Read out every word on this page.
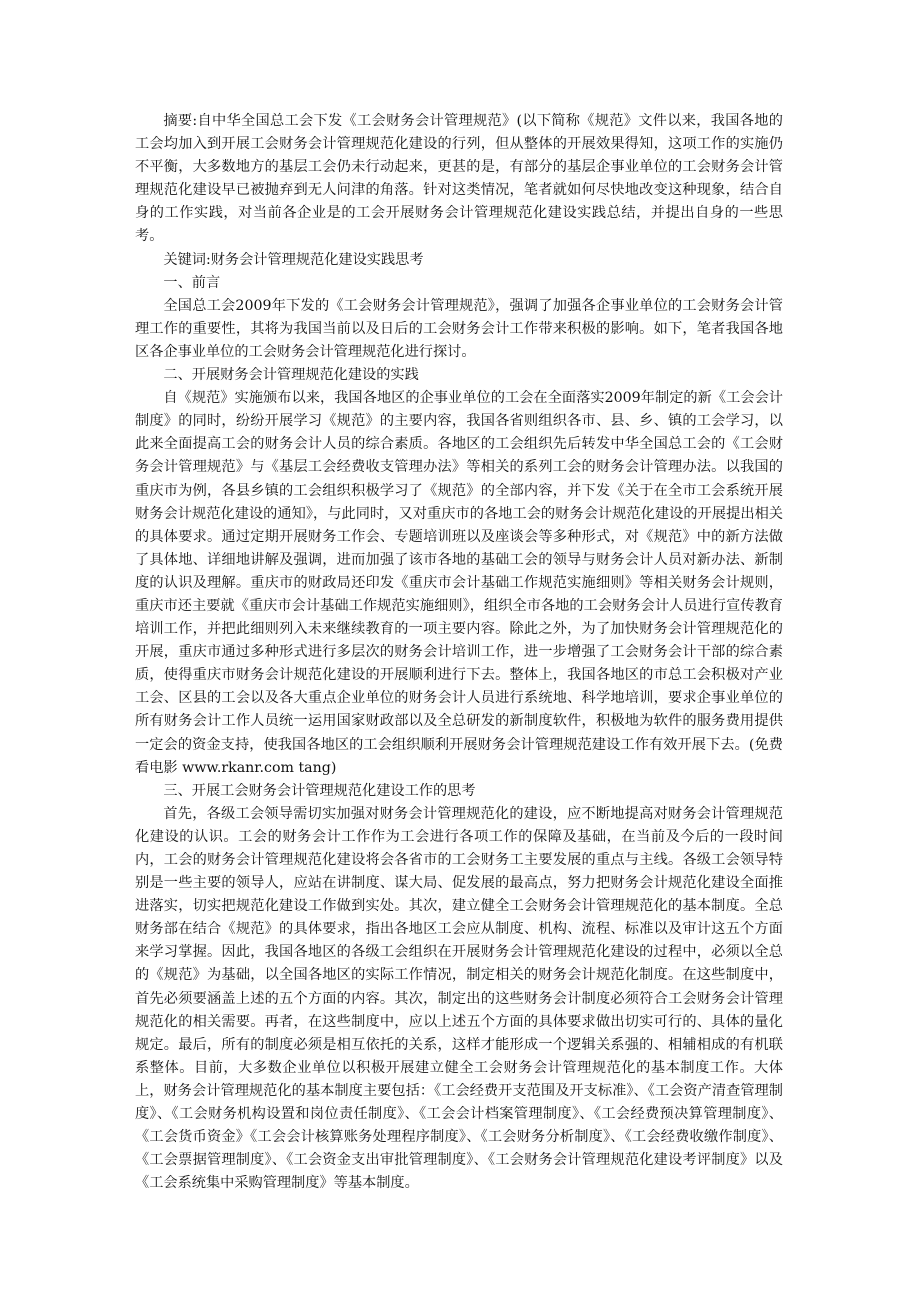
摘要:自中华全国总工会下发《工会财务会计管理规范》(以下简称《规范》文件以来，我国各地的工会均加入到开展工会财务会计管理规范化建设的行列，但从整体的开展效果得知，这项工作的实施仍不平衡，大多数地方的基层工会仍未行动起来，更甚的是，有部分的基层企事业单位的工会财务会计管理规范化建设早已被抛弃到无人问津的角落。针对这类情况，笔者就如何尽快地改变这种现象，结合自身的工作实践，对当前各企业是的工会开展财务会计管理规范化建设实践总结，并提出自身的一些思考。

关键词:财务会计管理规范化建设实践思考

一、前言

全国总工会2009年下发的《工会财务会计管理规范》，强调了加强各企事业单位的工会财务会计管理工作的重要性，其将为我国当前以及日后的工会财务会计工作带来积极的影响。如下，笔者我国各地区各企事业单位的工会财务会计管理规范化进行探讨。

二、开展财务会计管理规范化建设的实践

自《规范》实施颁布以来，我国各地区的企事业单位的工会在全面落实2009年制定的新《工会会计制度》的同时，纷纷开展学习《规范》的主要内容，我国各省则组织各市、县、乡、镇的工会学习，以此来全面提高工会的财务会计人员的综合素质。各地区的工会组织先后转发中华全国总工会的《工会财务会计管理规范》与《基层工会经费收支管理办法》等相关的系列工会的财务会计管理办法。以我国的重庆市为例，各县乡镇的工会组织积极学习了《规范》的全部内容，并下发《关于在全市工会系统开展财务会计规范化建设的通知》，与此同时，又对重庆市的各地工会的财务会计规范化建设的开展提出相关的具体要求。通过定期开展财务工作会、专题培训班以及座谈会等多种形式，对《规范》中的新方法做了具体地、详细地讲解及强调，进而加强了该市各地的基础工会的领导与财务会计人员对新办法、新制度的认识及理解。重庆市的财政局还印发《重庆市会计基础工作规范实施细则》等相关财务会计规则，重庆市还主要就《重庆市会计基础工作规范实施细则》，组织全市各地的工会财务会计人员进行宣传教育培训工作，并把此细则列入未来继续教育的一项主要内容。除此之外，为了加快财务会计管理规范化的开展，重庆市通过多种形式进行多层次的财务会计培训工作，进一步增强了工会财务会计干部的综合素质，使得重庆市财务会计规范化建设的开展顺利进行下去。整体上，我国各地区的市总工会积极对产业工会、区县的工会以及各大重点企业单位的财务会计人员进行系统地、科学地培训，要求企事业单位的所有财务会计工作人员统一运用国家财政部以及全总研发的新制度软件，积极地为软件的服务费用提供一定会的资金支持，使我国各地区的工会组织顺利开展财务会计管理规范建设工作有效开展下去。(免费看电影 www.rkanr.com tang)

三、开展工会财务会计管理规范化建设工作的思考

首先，各级工会领导需切实加强对财务会计管理规范化的建设，应不断地提高对财务会计管理规范化建设的认识。工会的财务会计工作作为工会进行各项工作的保障及基础，在当前及今后的一段时间内，工会的财务会计管理规范化建设将会各省市的工会财务工主要发展的重点与主线。各级工会领导特别是一些主要的领导人，应站在讲制度、谋大局、促发展的最高点，努力把财务会计规范化建设全面推进落实，切实把规范化建设工作做到实处。其次，建立健全工会财务会计管理规范化的基本制度。全总财务部在结合《规范》的具体要求，指出各地区工会应从制度、机构、流程、标准以及审计这五个方面来学习掌握。因此，我国各地区的各级工会组织在开展财务会计管理规范化建设的过程中，必须以全总的《规范》为基础，以全国各地区的实际工作情况，制定相关的财务会计规范化制度。在这些制度中，首先必须要涵盖上述的五个方面的内容。其次，制定出的这些财务会计制度必须符合工会财务会计管理规范化的相关需要。再者，在这些制度中，应以上述五个方面的具体要求做出切实可行的、具体的量化规定。最后，所有的制度必须是相互依托的关系，这样才能形成一个逻辑关系强的、相辅相成的有机联系整体。目前，大多数企业单位以积极开展建立健全工会财务会计管理规范化的基本制度工作。大体上，财务会计管理规范化的基本制度主要包括：《工会经费开支范围及开支标准》、《工会资产清查管理制度》、《工会财务机构设置和岗位责任制度》、《工会会计档案管理制度》、《工会经费预决算管理制度》、《工会货币资金》《工会会计核算账务处理程序制度》、《工会财务分析制度》、《工会经费收缴作制度》、《工会票据管理制度》、《工会资金支出审批管理制度》、《工会财务会计管理规范化建设考评制度》以及《工会系统集中采购管理制度》等基本制度。
